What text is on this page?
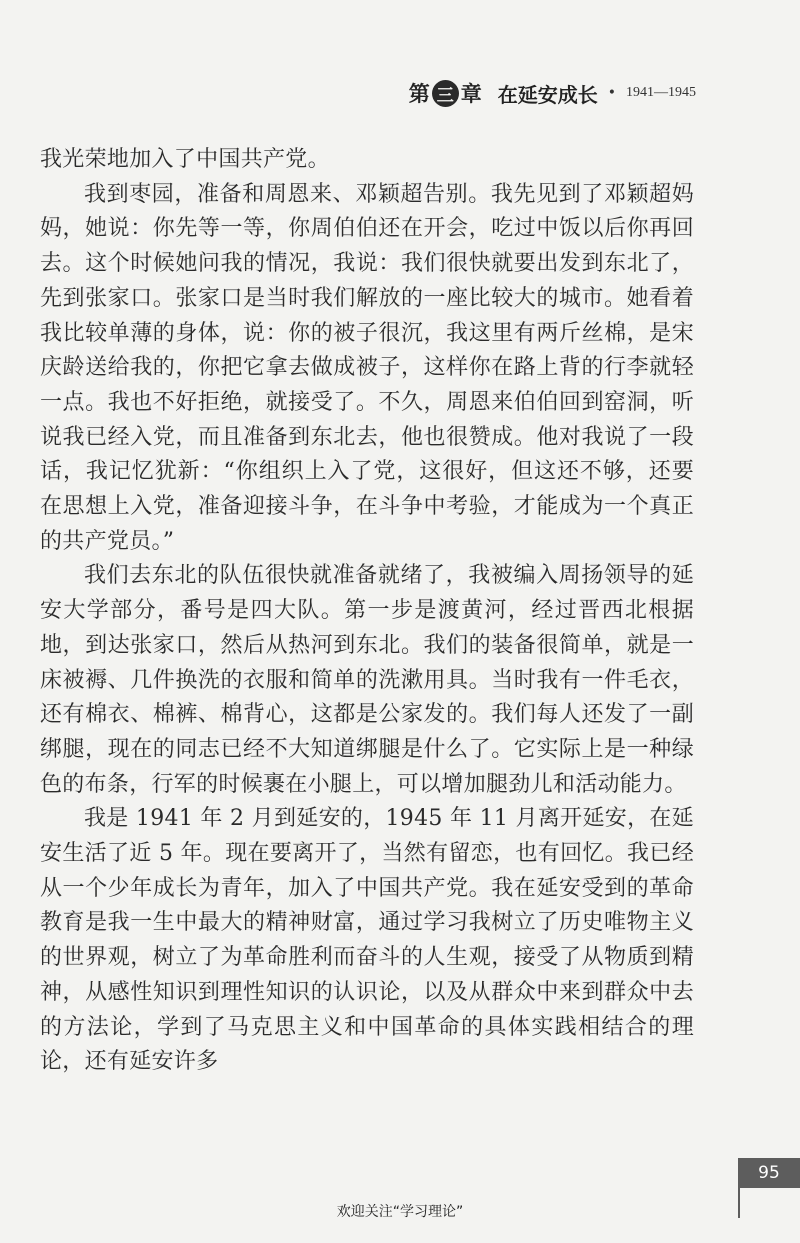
第 三 章 在延安成长 • 1941—1945

我光荣地加入了中国共产党。

我到枣园，准备和周恩来、邓颖超告别。我先见到了邓颖超妈妈，她说：你先等一等，你周伯伯还在开会，吃过中饭以后你再回去。这个时候她问我的情况，我说：我们很快就要出发到东北了，先到张家口。张家口是当时我们解放的一座比较大的城市。她看着我比较单薄的身体，说：你的被子很沉，我这里有两斤丝棉，是宋庆龄送给我的，你把它拿去做成被子，这样你在路上背的行李就轻一点。我也不好拒绝，就接受了。不久，周恩来伯伯回到窑洞，听说我已经入党，而且准备到东北去，他也很赞成。他对我说了一段话，我记忆犹新：“你组织上入了党，这很好，但这还不够，还要在思想上入党，准备迎接斗争，在斗争中考验，才能成为一个真正的共产党员。”

我们去东北的队伍很快就准备就绪了，我被编入周扬领导的延安大学部分，番号是四大队。第一步是渡黄河，经过晋西北根据地，到达张家口，然后从热河到东北。我们的装备很简单，就是一床被褥、几件换洗的衣服和简单的洗漱用具。当时我有一件毛衣，还有棉衣、棉裤、棉背心，这都是公家发的。我们每人还发了一副绑腿，现在的同志已经不大知道绑腿是什么了。它实际上是一种绿色的布条，行军的时候裹在小腿上，可以增加腿劲儿和活动能力。

我是 1941 年 2 月到延安的，1945 年 11 月离开延安，在延安生活了近 5 年。现在要离开了，当然有留恋，也有回忆。我已经从一个少年成长为青年，加入了中国共产党。我在延安受到的革命教育是我一生中最大的精神财富，通过学习我树立了历史唯物主义的世界观，树立了为革命胜利而奋斗的人生观，接受了从物质到精神，从感性知识到理性知识的认识论，以及从群众中来到群众中去的方法论，学到了马克思主义和中国革命的具体实践相结合的理论，还有延安许多

95
欢迎关注“学习理论”
